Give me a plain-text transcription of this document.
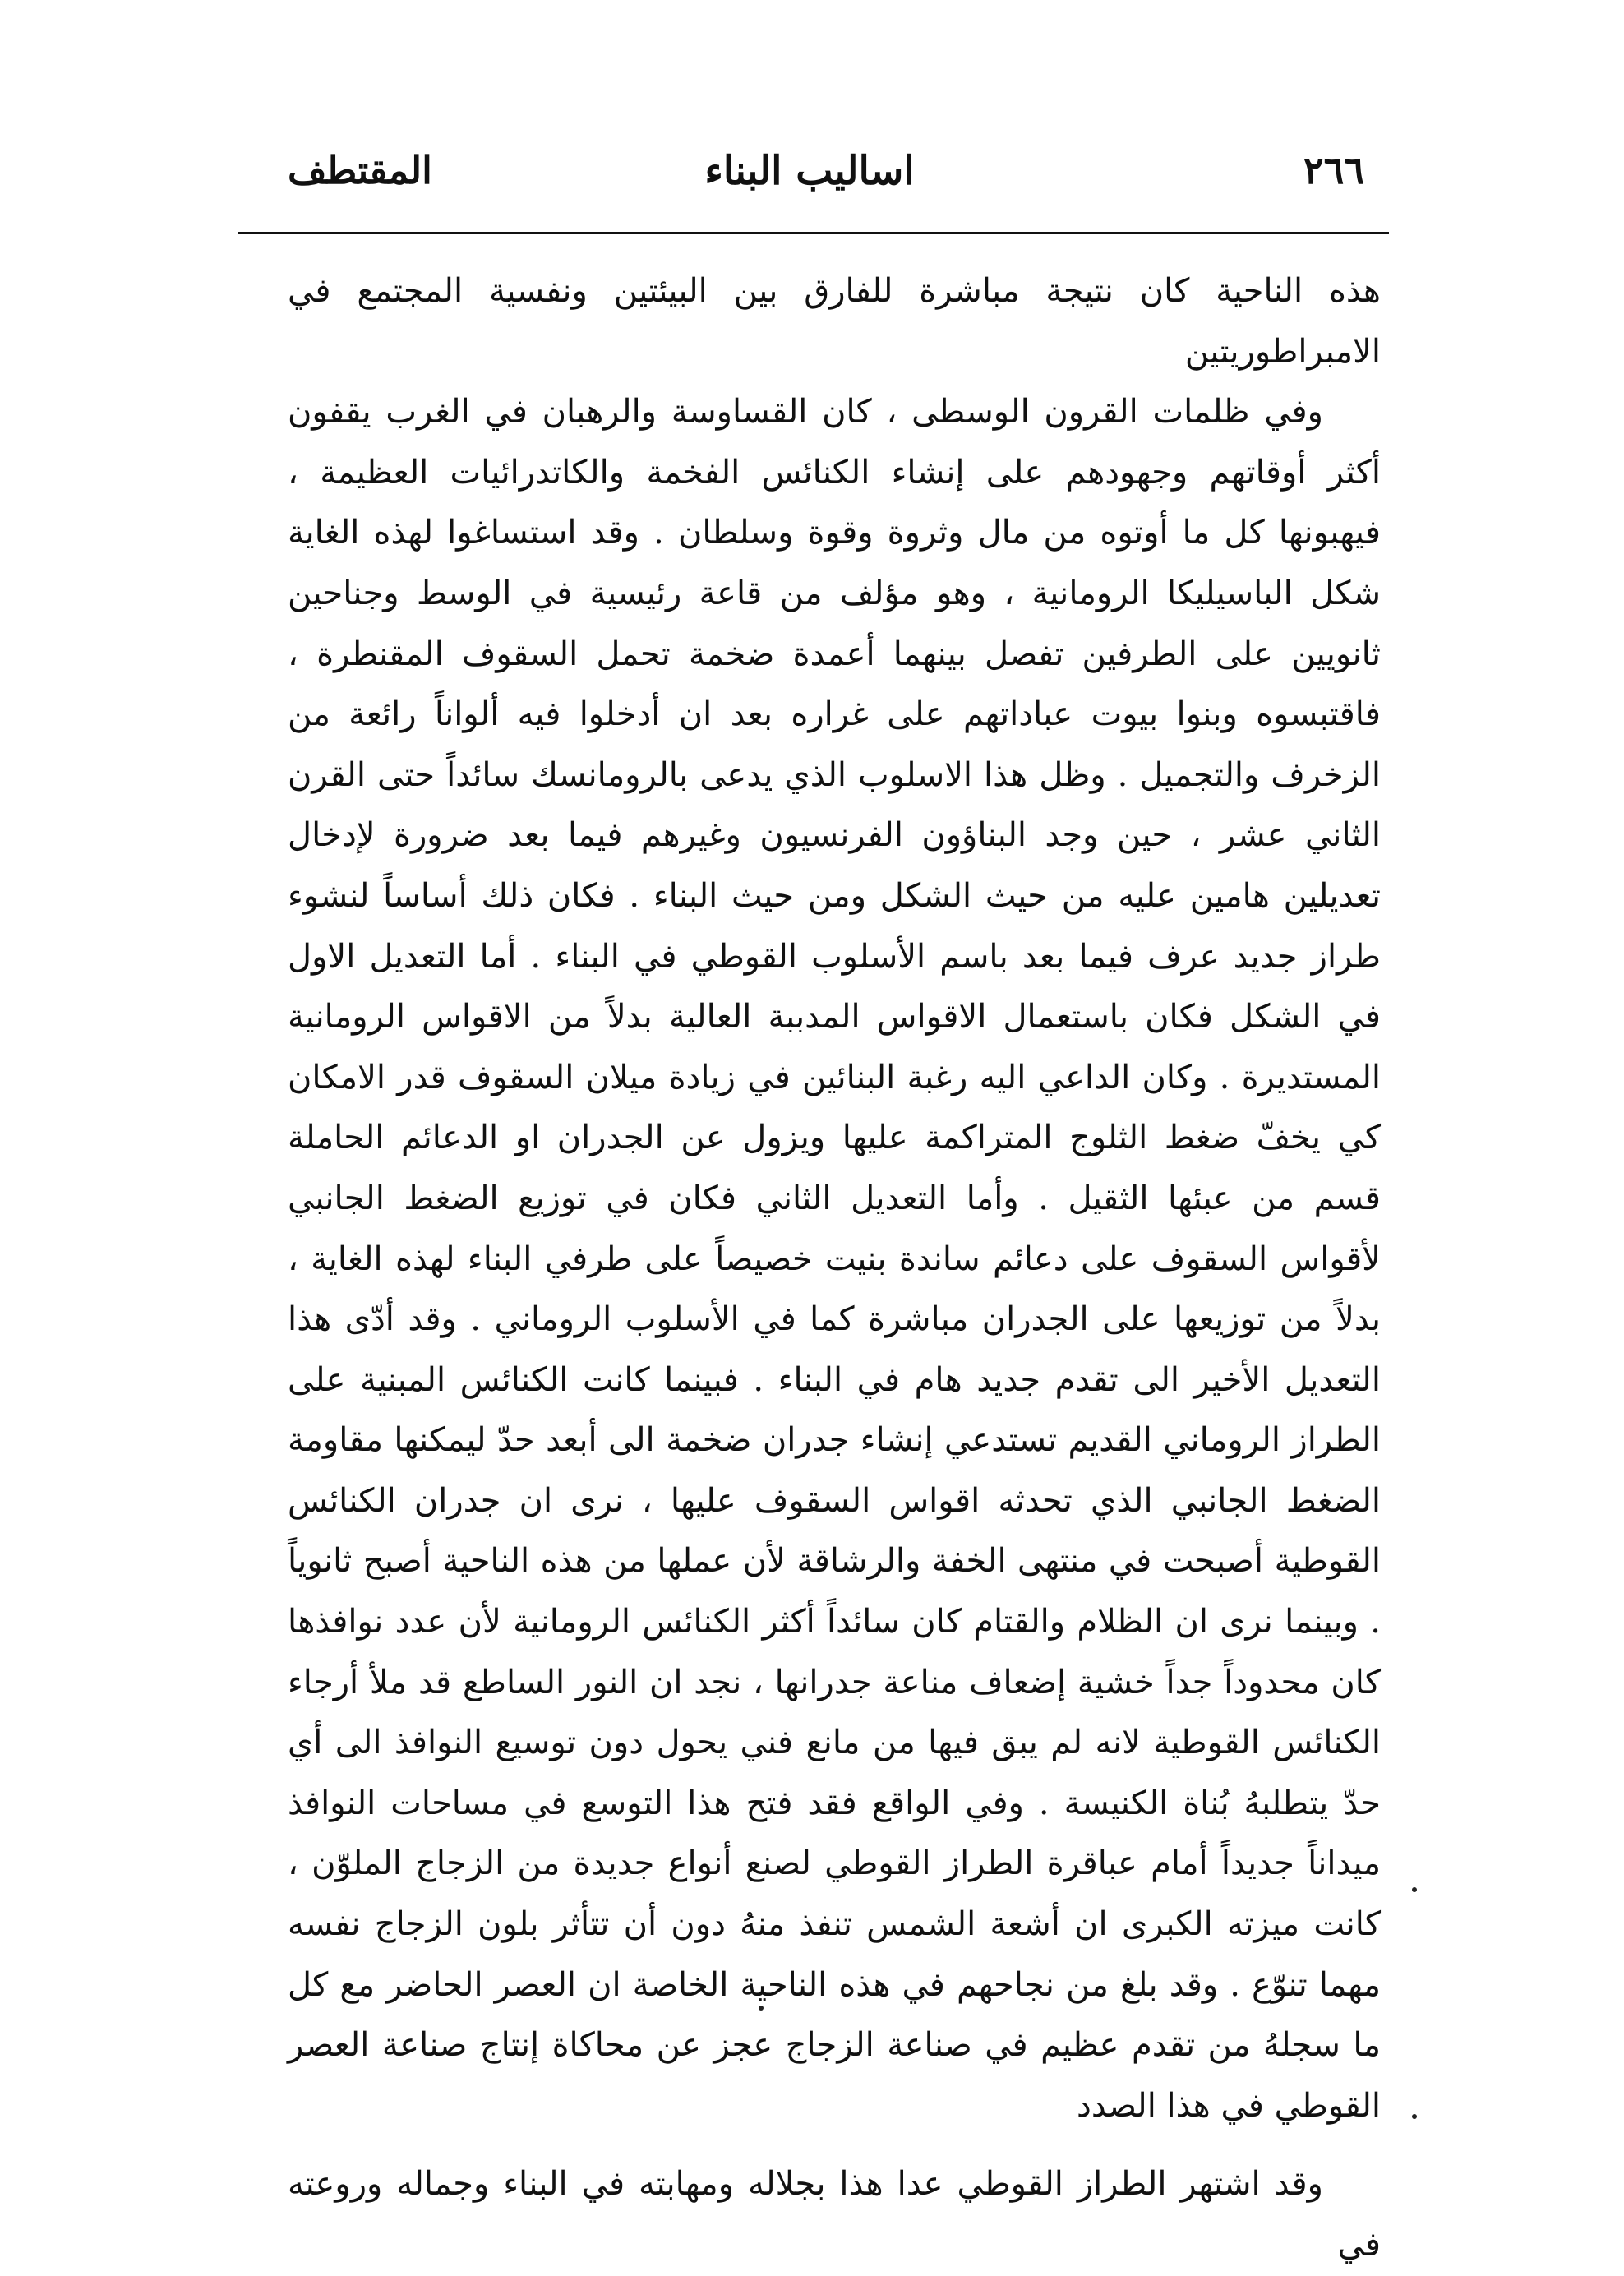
المقتطف	اساليب البناء	٢٦٦

هذه الناحية كان نتيجة مباشرة للفارق بين البيئتين ونفسية المجتمع في الامبراطوريتين

وفي ظلمات القرون الوسطى ، كان القساوسة والرهبان في الغرب يقفون أكثر أوقاتهم وجهودهم على إنشاء الكنائس الفخمة والكاتدرائيات العظيمة ، فيهبونها كل ما أوتوه من مال وثروة وقوة وسلطان . وقد استساغوا لهذه الغاية شكل الباسيليكا الرومانية ، وهو مؤلف من قاعة رئيسية في الوسط وجناحين ثانويين على الطرفين تفصل بينهما أعمدة ضخمة تحمل السقوف المقنطرة ، فاقتبسوه وبنوا بيوت عباداتهم على غراره بعد ان أدخلوا فيه ألواناً رائعة من الزخرف والتجميل . وظل هذا الاسلوب الذي يدعى بالرومانسك سائداً حتى القرن الثاني عشر ، حين وجد البناؤون الفرنسيون وغيرهم فيما بعد ضرورة لإدخال تعديلين هامين عليه من حيث الشكل ومن حيث البناء . فكان ذلك أساساً لنشوء طراز جديد عرف فيما بعد باسم الأسلوب القوطي في البناء . أما التعديل الاول في الشكل فكان باستعمال الاقواس المدببة العالية بدلاً من الاقواس الرومانية المستديرة . وكان الداعي اليه رغبة البنائين في زيادة ميلان السقوف قدر الامكان كي يخفّ ضغط الثلوج المتراكمة عليها ويزول عن الجدران او الدعائم الحاملة قسم من عبئها الثقيل . وأما التعديل الثاني فكان في توزيع الضغط الجانبي لأقواس السقوف على دعائم ساندة بنيت خصيصاً على طرفي البناء لهذه الغاية ، بدلاً من توزيعها على الجدران مباشرة كما في الأسلوب الروماني . وقد أدّى هذا التعديل الأخير الى تقدم جديد هام في البناء . فبينما كانت الكنائس المبنية على الطراز الروماني القديم تستدعي إنشاء جدران ضخمة الى أبعد حدّ ليمكنها مقاومة الضغط الجانبي الذي تحدثه اقواس السقوف عليها ، نرى ان جدران الكنائس القوطية أصبحت في منتهى الخفة والرشاقة لأن عملها من هذه الناحية أصبح ثانوياً . وبينما نرى ان الظلام والقتام كان سائداً أكثر الكنائس الرومانية لأن عدد نوافذها كان محدوداً جداً خشية إضعاف مناعة جدرانها ، نجد ان النور الساطع قد ملأ أرجاء الكنائس القوطية لانه لم يبق فيها من مانع فني يحول دون توسيع النوافذ الى أي حدّ يتطلبهُ بُناة الكنيسة . وفي الواقع فقد فتح هذا التوسع في مساحات النوافذ ميداناً جديداً أمام عباقرة الطراز القوطي لصنع أنواع جديدة من الزجاج الملوّن ، كانت ميزته الكبرى ان أشعة الشمس تنفذ منهُ دون أن تتأثر بلون الزجاج نفسه مهما تنوّع . وقد بلغ من نجاحهم في هذه الناحية الخاصة ان العصر الحاضر مع كل ما سجلهُ من تقدم عظيم في صناعة الزجاج عجز عن محاكاة إنتاج صناعة العصر القوطي في هذا الصدد

وقد اشتهر الطراز القوطي عدا هذا بجلاله ومهابته في البناء وجماله وروعته في
